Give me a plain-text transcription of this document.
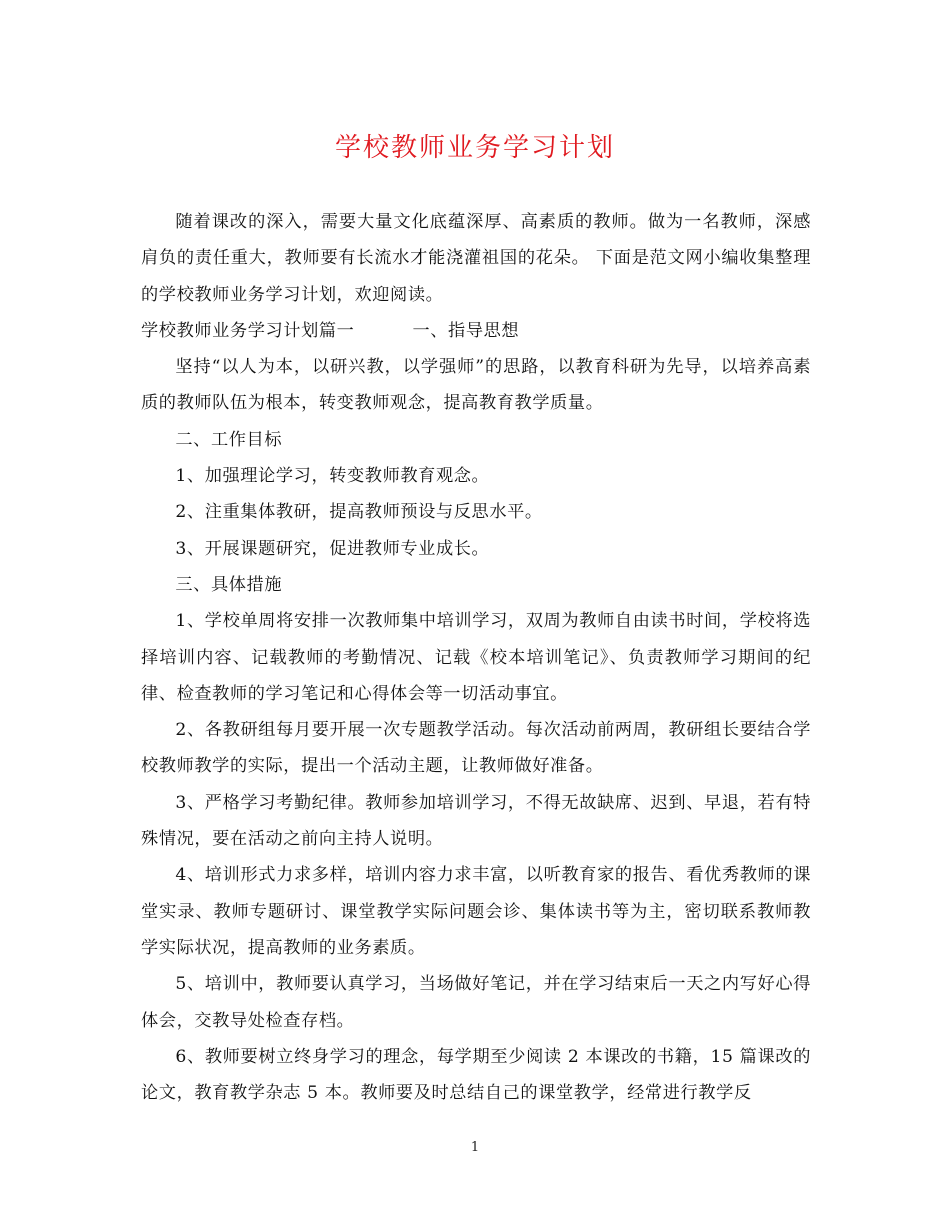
学校教师业务学习计划

随着课改的深入，需要大量文化底蕴深厚、高素质的教师。做为一名教师，深感肩负的责任重大，教师要有长流水才能浇灌祖国的花朵。 下面是范文网小编收集整理的学校教师业务学习计划，欢迎阅读。

学校教师业务学习计划篇一	一、指导思想

坚持“以人为本，以研兴教，以学强师”的思路，以教育科研为先导，以培养高素质的教师队伍为根本，转变教师观念，提高教育教学质量。

二、工作目标

1、加强理论学习，转变教师教育观念。

2、注重集体教研，提高教师预设与反思水平。

3、开展课题研究，促进教师专业成长。

三、具体措施

1、学校单周将安排一次教师集中培训学习，双周为教师自由读书时间，学校将选择培训内容、记载教师的考勤情况、记载《校本培训笔记》、负责教师学习期间的纪律、检查教师的学习笔记和心得体会等一切活动事宜。

2、各教研组每月要开展一次专题教学活动。每次活动前两周，教研组长要结合学校教师教学的实际，提出一个活动主题，让教师做好准备。

3、严格学习考勤纪律。教师参加培训学习，不得无故缺席、迟到、早退，若有特殊情况，要在活动之前向主持人说明。

4、培训形式力求多样，培训内容力求丰富，以听教育家的报告、看优秀教师的课堂实录、教师专题研讨、课堂教学实际问题会诊、集体读书等为主，密切联系教师教学实际状况，提高教师的业务素质。

5、培训中，教师要认真学习，当场做好笔记，并在学习结束后一天之内写好心得体会，交教导处检查存档。

6、教师要树立终身学习的理念，每学期至少阅读 2 本课改的书籍，15 篇课改的论文，教育教学杂志 5 本。教师要及时总结自己的课堂教学，经常进行教学反

1
